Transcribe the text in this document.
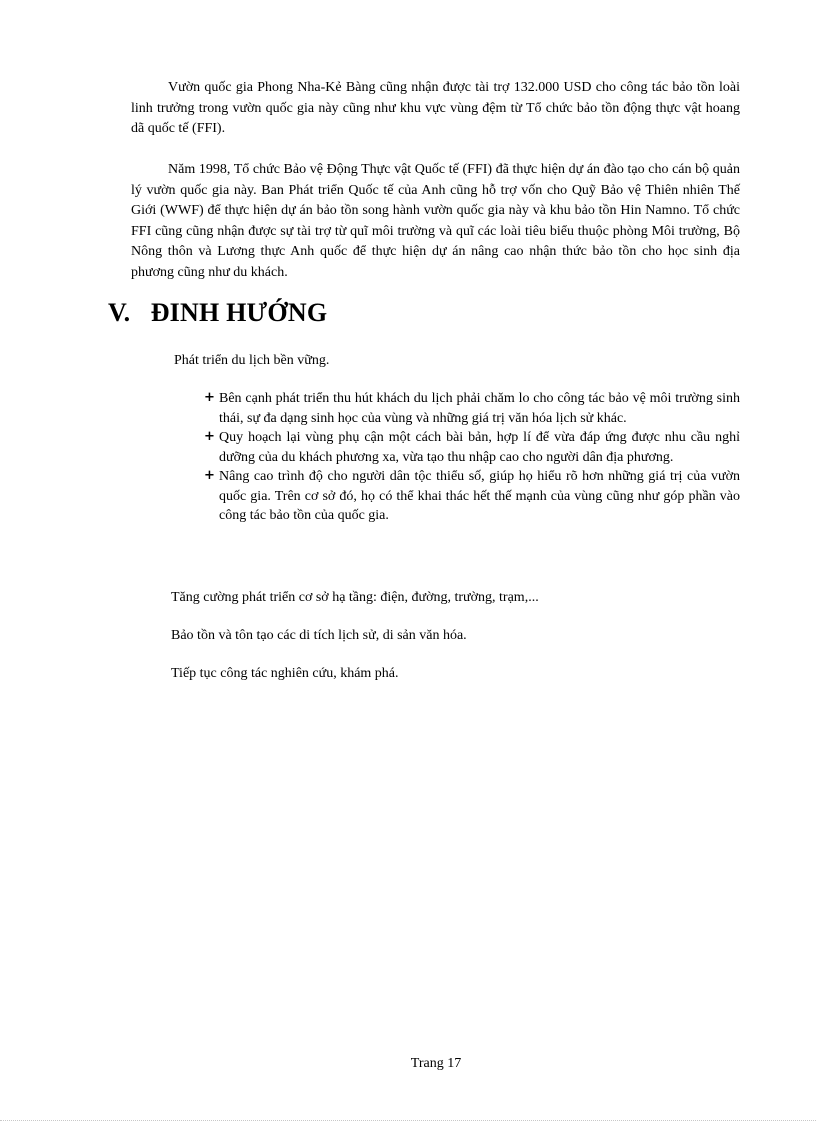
Vườn quốc gia Phong Nha-Kẻ Bàng cũng nhận được tài trợ 132.000 USD cho công tác bảo tồn loài linh trưởng trong vườn quốc gia này cũng như khu vực vùng đệm từ Tổ chức bảo tồn động thực vật hoang dã quốc tế (FFI).

Năm 1998, Tổ chức Bảo vệ Động Thực vật Quốc tế (FFI) đã thực hiện dự án đào tạo cho cán bộ quản lý vườn quốc gia này. Ban Phát triển Quốc tế của Anh cũng hỗ trợ vốn cho Quỹ Bảo vệ Thiên nhiên Thế Giới (WWF) để thực hiện dự án bảo tồn song hành vườn quốc gia này và khu bảo tồn Hin Namno. Tổ chức FFI cũng cũng nhận được sự tài trợ từ quĩ môi trường và quĩ các loài tiêu biểu thuộc phòng Môi trường, Bộ Nông thôn và Lương thực Anh quốc để thực hiện dự án nâng cao nhận thức bảo tồn cho học sinh địa phương cũng như du khách.

V. ĐINH HƯỚNG

Phát triển du lịch bền vững.

+ Bên cạnh phát triển thu hút khách du lịch phải chăm lo cho công tác bảo vệ môi trường sinh thái, sự đa dạng sinh học của vùng và những giá trị văn hóa lịch sử khác.
+ Quy hoạch lại vùng phụ cận một cách bài bản, hợp lí để vừa đáp ứng được nhu cầu nghỉ dưỡng của du khách phương xa, vừa tạo thu nhập cao cho người dân địa phương.
+ Nâng cao trình độ cho người dân tộc thiểu số, giúp họ hiểu rõ hơn những giá trị của vườn quốc gia. Trên cơ sở đó, họ có thể khai thác hết thế mạnh của vùng cũng như góp phần vào công tác bảo tồn của quốc gia.

Tăng cường phát triển cơ sở hạ tầng: điện, đường, trường, trạm,...

Bảo tồn và tôn tạo các di tích lịch sử, di sản văn hóa.

Tiếp tục công tác nghiên cứu, khám phá.

Trang 17
